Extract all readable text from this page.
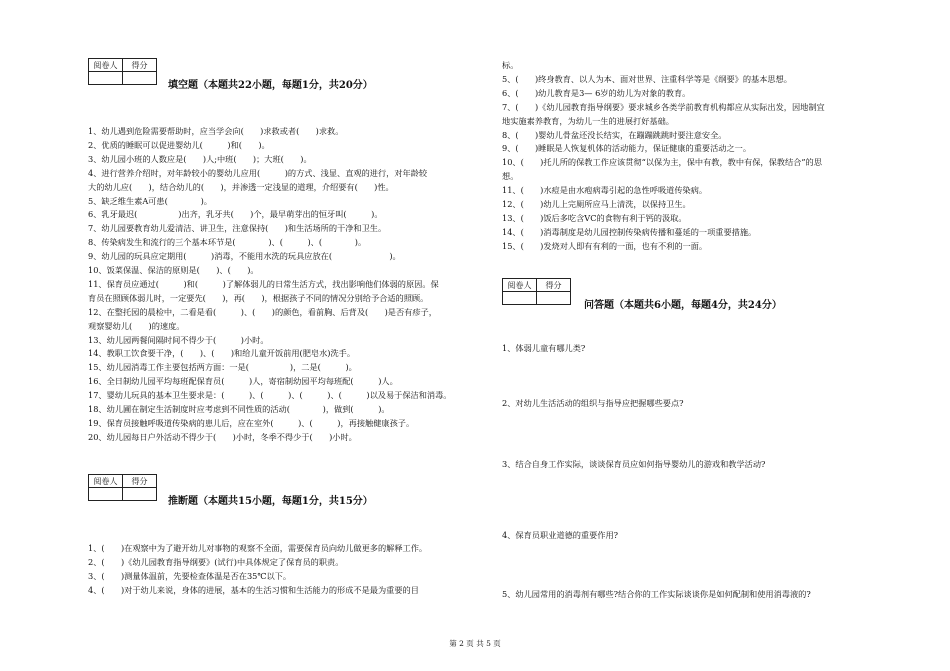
阅卷人	得分

填空题（本题共22小题，每题1分，共20分）
1、幼儿遇到危险需要帮助时，应当学会向(　　)求救或者(　　)求救。
2、优质的睡眠可以促进婴幼儿(　　　)和(　　)。
3、幼儿园小班的人数应是(　　)人;中班(　　)；大班(　　)。
4、进行营养介绍时，对年龄较小的婴幼儿应用(　　　)的方式、浅显、直观的进行，对年龄较
大的幼儿应(　　)，结合幼儿的(　　)，并渗透一定浅显的道理，介绍要有(　　)性。
5、缺乏维生素A可患(　　　　)。
6、乳牙最迟(　　　　　)出齐，乳牙共(　　)个，最早萌芽出的恒牙叫(　　　)。
7、幼儿园要教育幼儿爱清洁、讲卫生，注意保持(　　)和生活场所的干净和卫生。
8、传染病发生和流行的三个基本环节是(　　　　)、(　　　)、(　　　　)。
9、幼儿园的玩具应定期用(　　　)消毒，不能用水洗的玩具应放在(　　　　　　　)。
10、饭菜保温、保洁的原则是(　　)、(　　)。
11、保育员应通过(　　　)和(　　　)了解体弱儿的日常生活方式，找出影响他们体弱的原因。保
育员在照顾体弱儿时，一定要先(　　)，再(　　)，根据孩子不同的情况分别给予合适的照顾。
12、在整托园的晨检中，二看是看(　　　)、(　　)的颜色，看前胸、后背及(　　)是否有疹子，
观察婴幼儿(　　)的速度。
13、幼儿园两餐间隔时间不得少于(　　　)小时。
14、教职工饮食要干净，(　　)、(　　)和给儿童开饭前用(肥皂水)洗手。
15、幼儿园消毒工作主要包括两方面：一是(　　　　　)，二是(　　　)。
16、全日制幼儿园平均每班配保育员(　　　)人，寄宿制幼园平均每班配(　　　)人。
17、婴幼儿玩具的基本卫生要求是：(　　　)、(　　　)、(　　　)、(　　　)以及易于保洁和消毒。
18、幼儿圃在制定生活制度时应考虑到不同性质的活动(　　　　)，做到(　　　)。
19、保育员接触呼吸道传染病的患儿后，应在室外(　　　)、(　　　)，再接触健康孩子。
20、幼儿园每日户外活动不得少于(　　)小时，冬季不得少于(　　)小时。
阅卷人	得分

推断题（本题共15小题，每题1分，共15分）
1、(　　)在观察中为了避开幼儿对事物的观察不全面，需要保育员向幼儿做更多的解释工作。
2、(　　)《幼儿园教育指导纲要》(试行)中具体规定了保育员的职责。
3、(　　)测量体温前，先要检查体温是否在35℃以下。
4、(　　)对于幼儿来说，身体的进展，基本的生活习惯和生活能力的形成不是最为重要的目
标。
5、(　　)终身教育、以人为本、面对世界、注重科学等是《纲要》的基本思想。
6、(　　)幼儿教育是3— 6岁的幼儿为对象的教育。
7、(　　)《幼儿园教育指导纲要》要求城乡各类学前教育机构都应从实际出发，因地制宜
地实施素养教育，为幼儿一生的进展打好基础。
8、(　　)婴幼儿骨盆还没长结实，在蹦蹦跳跳时要注意安全。
9、(　　)睡眠是人恢复机体的活动能力，保证健康的重要活动之一。
10、(　　)托儿所的保教工作应该贯彻“以保为主，保中有教，教中有保，保教结合”的思
想。
11、(　　)水痘是由水疱病毒引起的急性呼吸道传染病。
12、(　　)幼儿上完厕所应马上清洗，以保持卫生。
13、(　　)饭后多吃含VC的食物有利于钙的汲取。
14、(　　)消毒制度是幼儿园控制传染病传播和蔓延的一项重要措施。
15、(　　)发烧对人即有有利的一面，也有不利的一面。
阅卷人	得分

问答题（本题共6小题，每题4分，共24分）
1、体弱儿童有哪儿类?
2、对幼儿生活活动的组织与指导应把握哪些要点?
3、结合自身工作实际，谈谈保育员应如何指导婴幼儿的游戏和教学活动?
4、保育员职业道德的重要作用?
5、幼儿园常用的消毒剂有哪些?结合你的工作实际谈谈你是如何配制和使用消毒液的?
第 2 页 共 5 页
